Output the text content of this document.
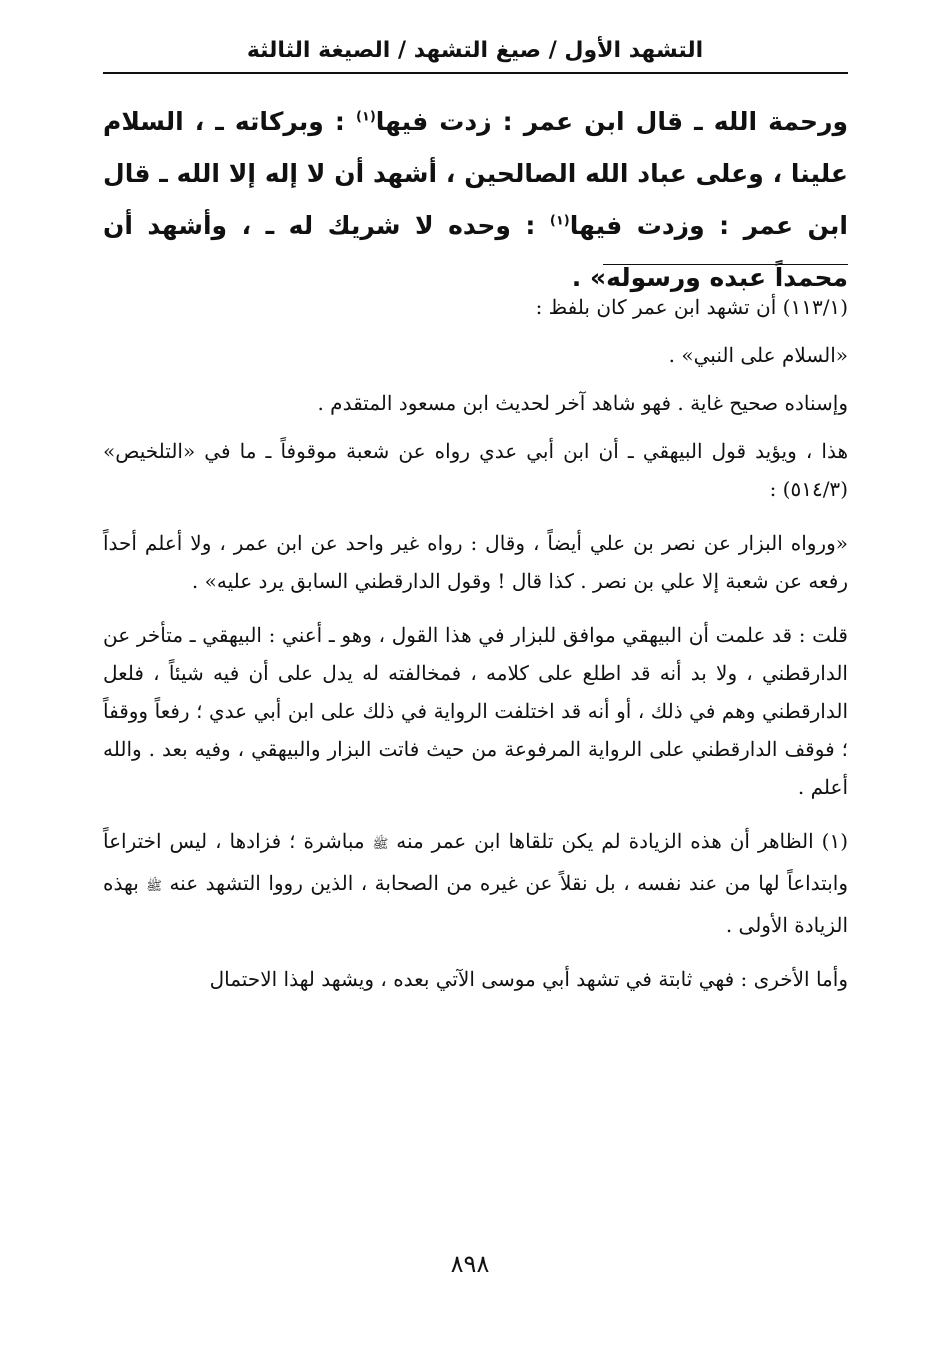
التشهد الأول / صيغ التشهد / الصيغة الثالثة

ورحمة الله ـ قال ابن عمر : زدت فيها$^{(١)}$ : وبركاته ـ ، السلام علينا ، وعلى عباد الله الصالحين ، أشهد أن لا إله إلا الله ـ قال ابن عمر : وزدت فيها$^{(١)}$ : وحده لا شريك له ـ ، وأشهد أن محمداً عبده ورسوله» .

(١١٣/١) أن تشهد ابن عمر كان بلفظ :

«السلام على النبي» .

وإسناده صحيح غاية . فهو شاهد آخر لحديث ابن مسعود المتقدم .

هذا ، ويؤيد قول البيهقي ـ أن ابن أبي عدي رواه عن شعبة موقوفاً ـ ما في «التلخيص» (٥١٤/٣) :

«ورواه البزار عن نصر بن علي أيضاً ، وقال : رواه غير واحد عن ابن عمر ، ولا أعلم أحداً رفعه عن شعبة إلا علي بن نصر . كذا قال ! وقول الدارقطني السابق يرد عليه» .

قلت : قد علمت أن البيهقي موافق للبزار في هذا القول ، وهو ـ أعني : البيهقي ـ متأخر عن الدارقطني ، ولا بد أنه قد اطلع على كلامه ، فمخالفته له يدل على أن فيه شيئاً ، فلعل الدارقطني وهم في ذلك ، أو أنه قد اختلفت الرواية في ذلك على ابن أبي عدي ؛ رفعاً ووقفاً ؛ فوقف الدارقطني على الرواية المرفوعة من حيث فاتت البزار والبيهقي ، وفيه بعد . والله أعلم .

(١) الظاهر أن هذه الزيادة لم يكن تلقاها ابن عمر منه ﷺ مباشرة ؛ فزادها ، ليس اختراعاً وابتداعاً لها من عند نفسه ، بل نقلاً عن غيره من الصحابة ، الذين رووا التشهد عنه ﷺ بهذه الزيادة الأولى .

وأما الأخرى : فهي ثابتة في تشهد أبي موسى الآتي بعده ، ويشهد لهذا الاحتمال

٨٩٨
